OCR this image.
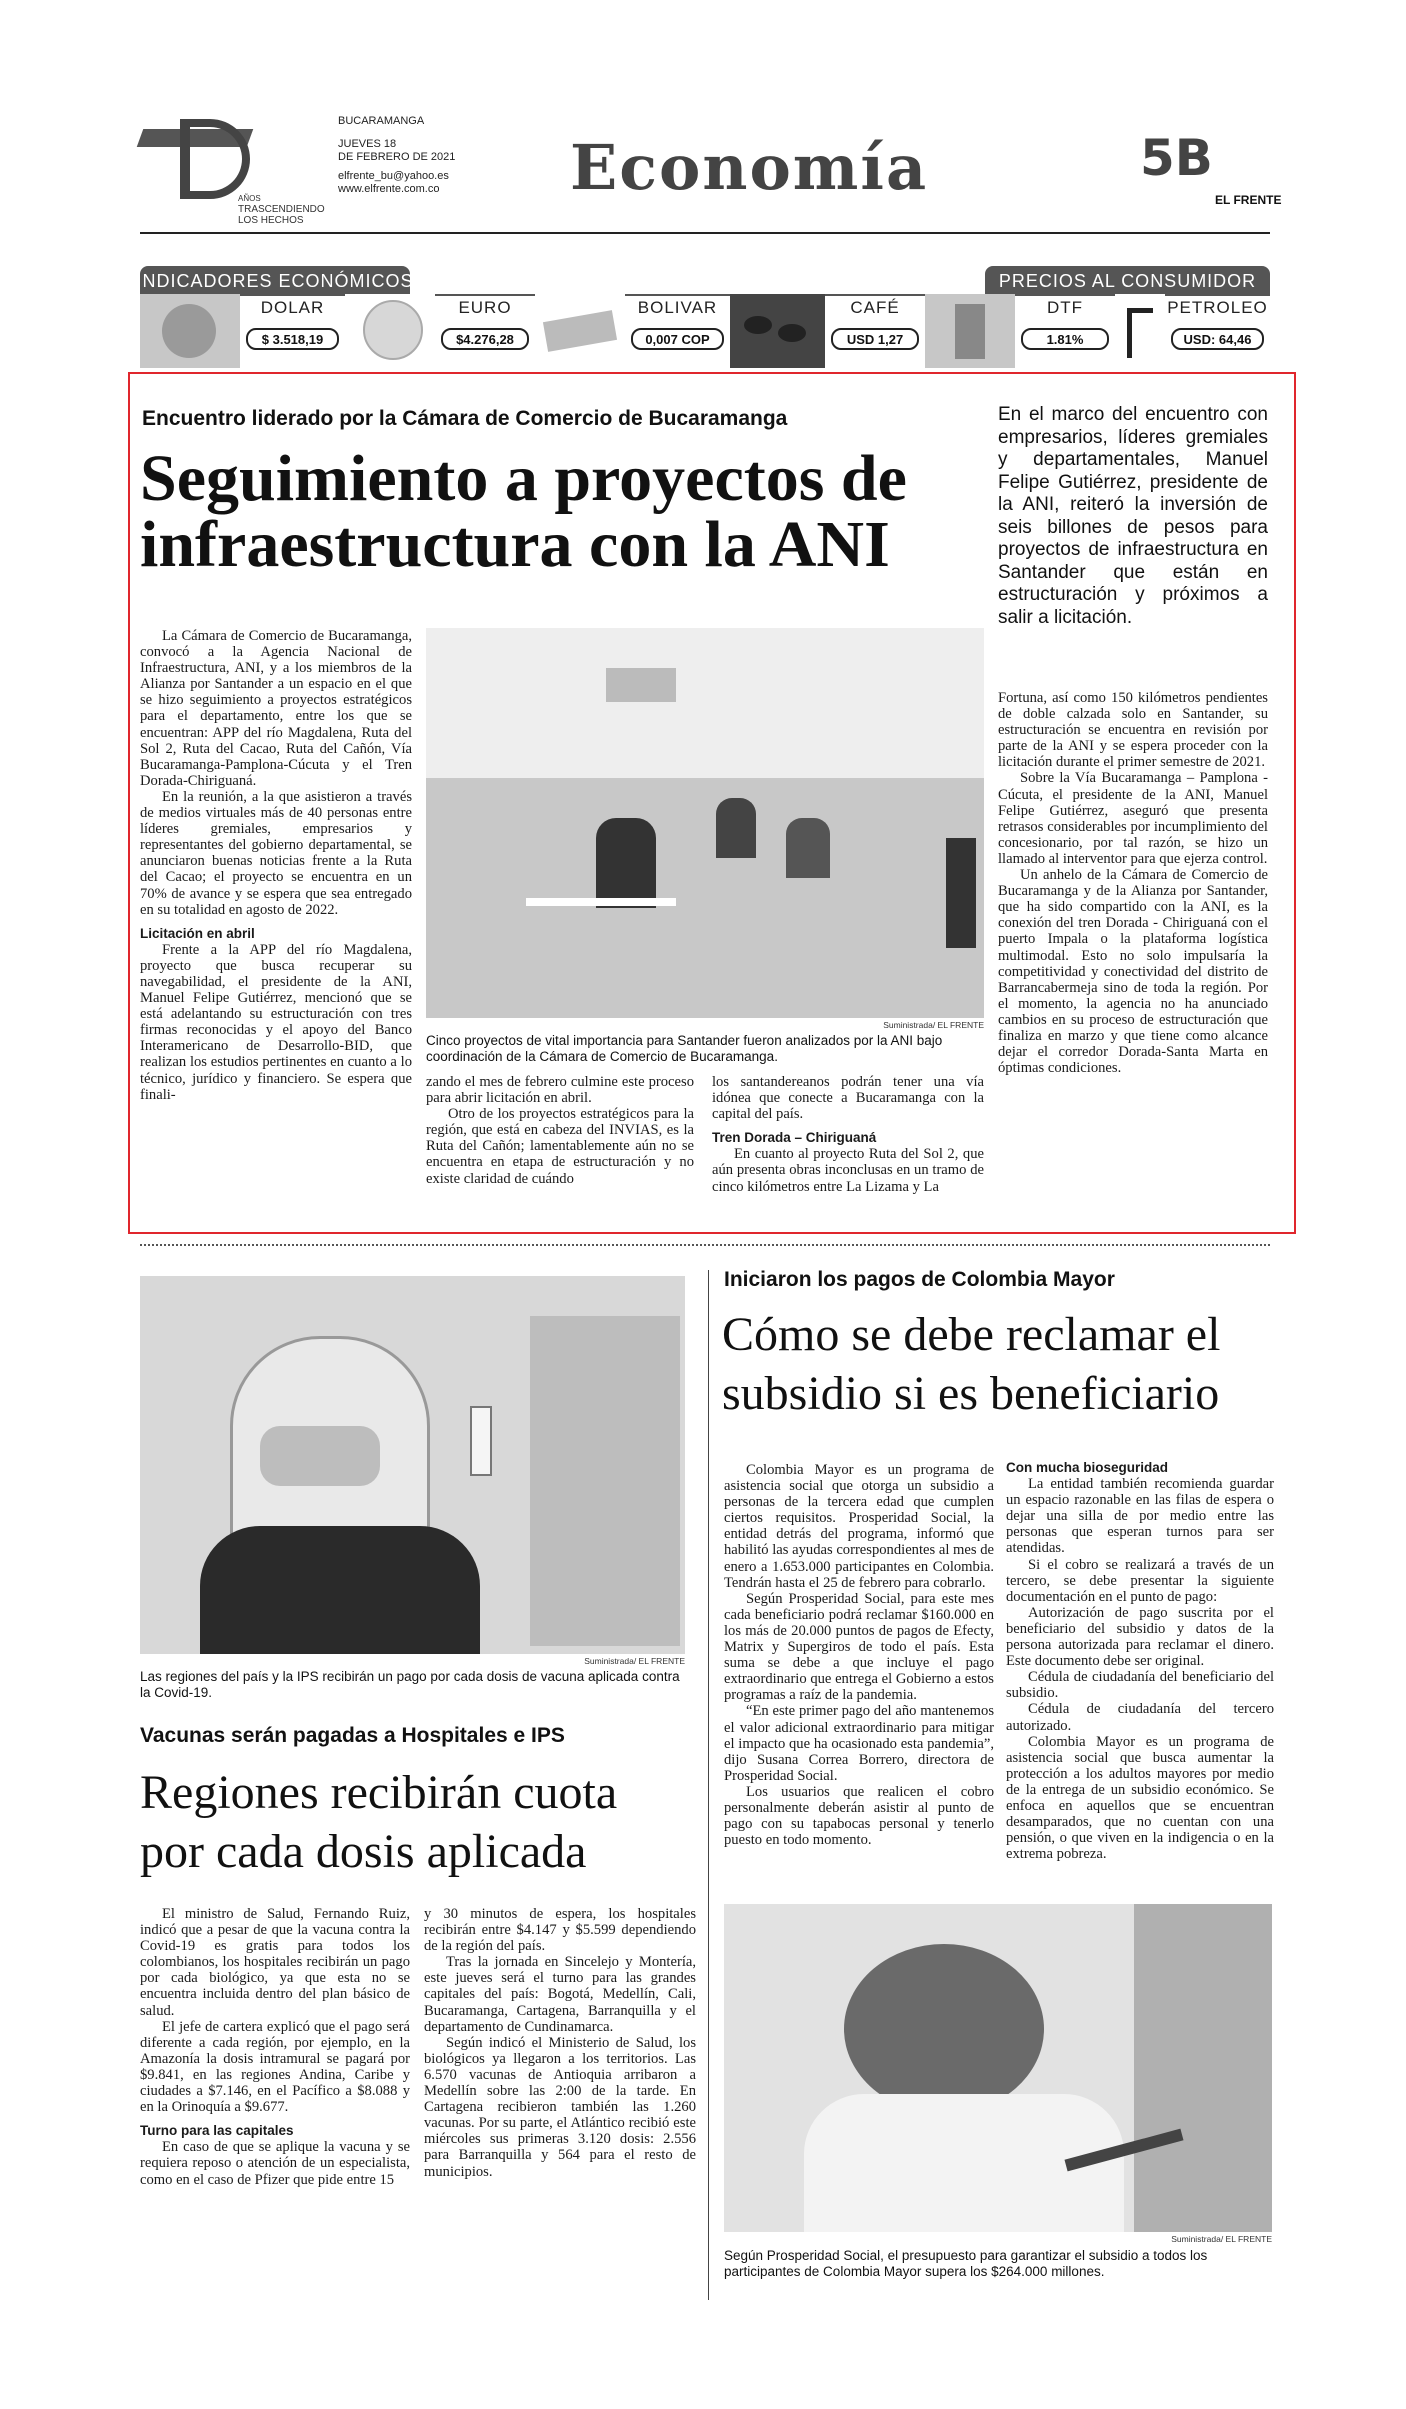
AÑOS
TRASCENDIENDO
LOS HECHOS
BUCARAMANGA
JUEVES 18
DE FEBRERO DE 2021
elfrente_bu@yahoo.es
www.elfrente.com.co Economía	5B
EL FRENTE
INDICADORES ECONÓMICOS	PRECIOS AL CONSUMIDOR
DOLAR
$ 3.518,19
EURO
$4.276,28
BOLIVAR
0,007 COP
CAFÉ
USD 1,27
DTF
1.81%
PETROLEO
USD: 64,46
Encuentro liderado por la Cámara de Comercio de Bucaramanga
Seguimiento a proyectos de
infraestructura con la ANI

La Cámara de Comercio de Bucaramanga, convocó a la Agencia Nacional de Infraestructura, ANI, y a los miembros de la Alianza por Santander a un espacio en el que se hizo seguimiento a proyectos estratégicos para el departamento, entre los que se encuentran: APP del río Magdalena, Ruta del Sol 2, Ruta del Cacao, Ruta del Cañón, Vía Bucaramanga-Pamplona-Cúcuta y el Tren Dorada-Chiriguaná.

En la reunión, a la que asistieron a través de medios virtuales más de 40 personas entre líderes gremiales, empresarios y representantes del gobierno departamental, se anunciaron buenas noticias frente a la Ruta del Cacao; el proyecto se encuentra en un 70% de avance y se espera que sea entregado en su totalidad en agosto de 2022.

Licitación en abril

Frente a la APP del río Magdalena, proyecto que busca recuperar su navegabilidad, el presidente de la ANI, Manuel Felipe Gutiérrez, mencionó que se está adelantando su estructuración con tres firmas reconocidas y el apoyo del Banco Interamericano de Desarrollo-BID, que realizan los estudios pertinentes en cuanto a lo técnico, jurídico y financiero. Se espera que finali-

Suministrada/ EL FRENTE
Cinco proyectos de vital importancia para Santander fueron analizados por la ANI bajo coordinación de la Cámara de Comercio de Bucaramanga.

zando el mes de febrero culmine este proceso para abrir licitación en abril.

Otro de los proyectos estratégicos para la región, que está en cabeza del INVIAS, es la Ruta del Cañón; lamentablemente aún no se encuentra en etapa de estructuración y no existe claridad de cuándo

los santandereanos podrán tener una vía idónea que conecte a Bucaramanga con la capital del país.

Tren Dorada – Chiriguaná

En cuanto al proyecto Ruta del Sol 2, que aún presenta obras inconclusas en un tramo de cinco kilómetros entre La Lizama y La

En el marco del encuentro con empresarios, líderes gremiales y departamentales, Manuel Felipe Gutiérrez, presidente de la ANI, reiteró la inversión de seis billones de pesos para proyectos de infraestructura en Santander que están en estructuración y próximos a salir a licitación.

Fortuna, así como 150 kilómetros pendientes de doble calzada solo en Santander, su estructuración se encuentra en revisión por parte de la ANI y se espera proceder con la licitación durante el primer semestre de 2021.

Sobre la Vía Bucaramanga – Pamplona - Cúcuta, el presidente de la ANI, Manuel Felipe Gutiérrez, aseguró que presenta retrasos considerables por incumplimiento del concesionario, por tal razón, se hizo un llamado al interventor para que ejerza control.

Un anhelo de la Cámara de Comercio de Bucaramanga y de la Alianza por Santander, que ha sido compartido con la ANI, es la conexión del tren Dorada - Chiriguaná con el puerto Impala o la plataforma logística multimodal. Esto no solo impulsaría la competitividad y conectividad del distrito de Barrancabermeja sino de toda la región. Por el momento, la agencia no ha anunciado cambios en su proceso de estructuración que finaliza en marzo y que tiene como alcance dejar el corredor Dorada-Santa Marta en óptimas condiciones.

Suministrada/ EL FRENTE
Las regiones del país y la IPS recibirán un pago por cada dosis de vacuna aplicada contra la Covid-19.
Vacunas serán pagadas a Hospitales e IPS
Regiones recibirán cuota
por cada dosis aplicada

El ministro de Salud, Fernando Ruiz, indicó que a pesar de que la vacuna contra la Covid-19 es gratis para todos los colombianos, los hospitales recibirán un pago por cada biológico, ya que esta no se encuentra incluida dentro del plan básico de salud.

El jefe de cartera explicó que el pago será diferente a cada región, por ejemplo, en la Amazonía la dosis intramural se pagará por $9.841, en las regiones Andina, Caribe y ciudades a $7.146, en el Pacífico a $8.088 y en la Orinoquía a $9.677.

Turno para las capitales

En caso de que se aplique la vacuna y se requiera reposo o atención de un especialista, como en el caso de Pfizer que pide entre 15

y 30 minutos de espera, los hospitales recibirán entre $4.147 y $5.599 dependiendo de la región del país.

Tras la jornada en Sincelejo y Montería, este jueves será el turno para las grandes capitales del país: Bogotá, Medellín, Cali, Bucaramanga, Cartagena, Barranquilla y el departamento de Cundinamarca.

Según indicó el Ministerio de Salud, los biológicos ya llegaron a los territorios. Las 6.570 vacunas de Antioquia arribaron a Medellín sobre las 2:00 de la tarde. En Cartagena recibieron también las 1.260 vacunas. Por su parte, el Atlántico recibió este miércoles sus primeras 3.120 dosis: 2.556 para Barranquilla y 564 para el resto de municipios.

Iniciaron los pagos de Colombia Mayor
Cómo se debe reclamar el
subsidio si es beneficiario

Colombia Mayor es un programa de asistencia social que otorga un subsidio a personas de la tercera edad que cumplen ciertos requisitos. Prosperidad Social, la entidad detrás del programa, informó que habilitó las ayudas correspondientes al mes de enero a 1.653.000 participantes en Colombia. Tendrán hasta el 25 de febrero para cobrarlo.

Según Prosperidad Social, para este mes cada beneficiario podrá reclamar $160.000 en los más de 20.000 puntos de pagos de Efecty, Matrix y Supergiros de todo el país. Esta suma se debe a que incluye el pago extraordinario que entrega el Gobierno a estos programas a raíz de la pandemia.

“En este primer pago del año mantenemos el valor adicional extraordinario para mitigar el impacto que ha ocasionado esta pandemia”, dijo Susana Correa Borrero, directora de Prosperidad Social.

Los usuarios que realicen el cobro personalmente deberán asistir al punto de pago con su tapabocas personal y tenerlo puesto en todo momento.

Con mucha bioseguridad

La entidad también recomienda guardar un espacio razonable en las filas de espera o dejar una silla de por medio entre las personas que esperan turnos para ser atendidas.

Si el cobro se realizará a través de un tercero, se debe presentar la siguiente documentación en el punto de pago:

Autorización de pago suscrita por el beneficiario del subsidio y datos de la persona autorizada para reclamar el dinero. Este documento debe ser original.

Cédula de ciudadanía del beneficiario del subsidio.

Cédula de ciudadanía del tercero autorizado.

Colombia Mayor es un programa de asistencia social que busca aumentar la protección a los adultos mayores por medio de la entrega de un subsidio económico. Se enfoca en aquellos que se encuentran desamparados, que no cuentan con una pensión, o que viven en la indigencia o en la extrema pobreza.

Suministrada/ EL FRENTE
Según Prosperidad Social, el presupuesto para garantizar el subsidio a todos los participantes de Colombia Mayor supera los $264.000 millones.
